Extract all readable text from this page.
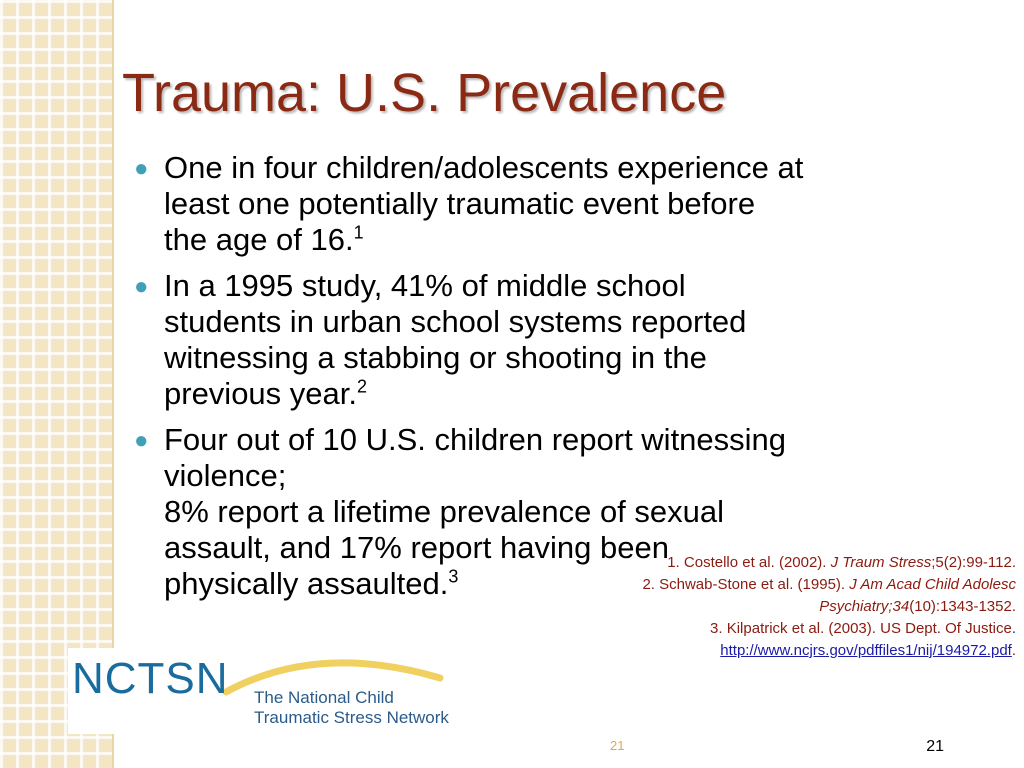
Trauma: U.S. Prevalence
● One in four children/adolescents experience at
least one potentially traumatic event before
the age of 16.$^1$
● In a 1995 study, 41% of middle school
students in urban school systems reported
witnessing a stabbing or shooting in the
previous year.$^2$
● Four out of 10 U.S. children report witnessing
violence;
8% report a lifetime prevalence of sexual
assault, and 17% report having been
physically assaulted.$^3$
1. Costello et al. (2002). J Traum Stress;5(2):99-112.
2. Schwab-Stone et al. (1995). J Am Acad Child Adolesc
Psychiatry;34(10):1343-1352.
3. Kilpatrick et al. (2003). US Dept. Of Justice.
http://www.ncjrs.gov/pdffiles1/nij/194972.pdf.
NCTSN The National Child
Traumatic Stress Network
21
21
